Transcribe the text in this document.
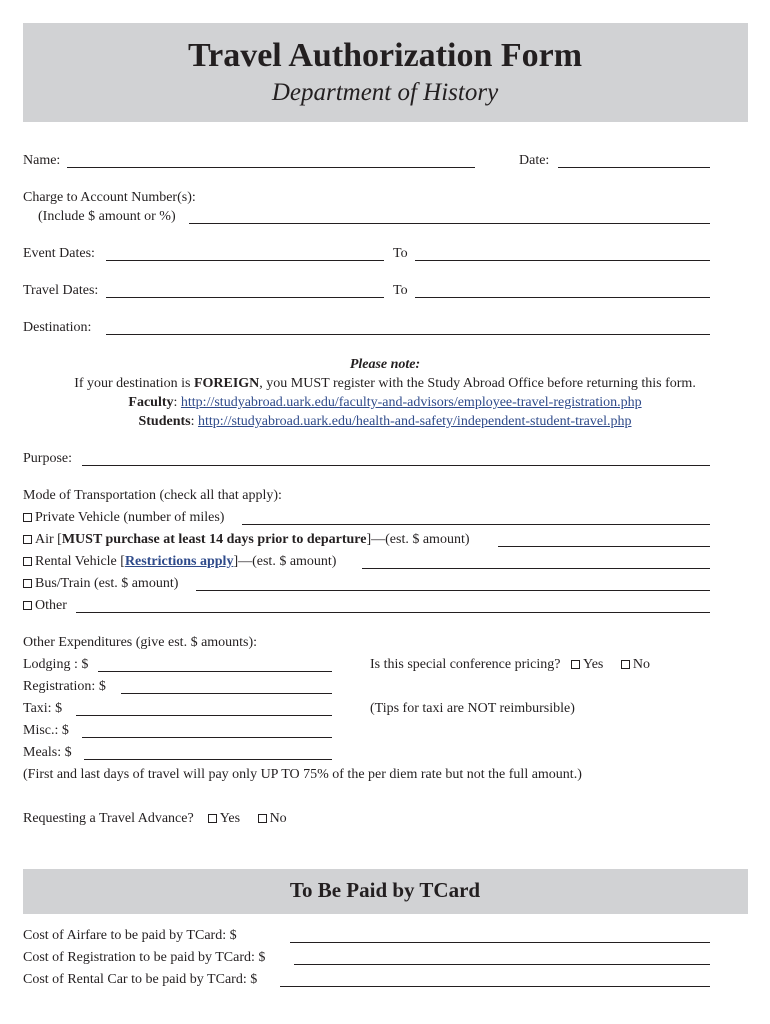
Travel Authorization Form
Department of History
Name:	Date:
Charge to Account Number(s):
(Include $ amount or %)
Event Dates:	To
Travel Dates:	To
Destination:
Please note:
If your destination is FOREIGN, you MUST register with the Study Abroad Office before returning this form.
Faculty: http://studyabroad.uark.edu/faculty-and-advisors/employee-travel-registration.php
Students: http://studyabroad.uark.edu/health-and-safety/independent-student-travel.php
Purpose:
Mode of Transportation (check all that apply):
Private Vehicle (number of miles)
Air [MUST purchase at least 14 days prior to departure]—(est. $ amount)
Rental Vehicle [Restrictions apply]—(est. $ amount)
Bus/Train (est. $ amount)
Other
Other Expenditures (give est. $ amounts):
Lodging : $	Is this special conference pricing? Yes No
Registration: $
Taxi: $	(Tips for taxi are NOT reimbursible)
Misc.: $
Meals: $
(First and last days of travel will pay only UP TO 75% of the per diem rate but not the full amount.)
Requesting a Travel Advance? Yes No
To Be Paid by TCard
Cost of Airfare to be paid by TCard: $
Cost of Registration to be paid by TCard: $
Cost of Rental Car to be paid by TCard: $
